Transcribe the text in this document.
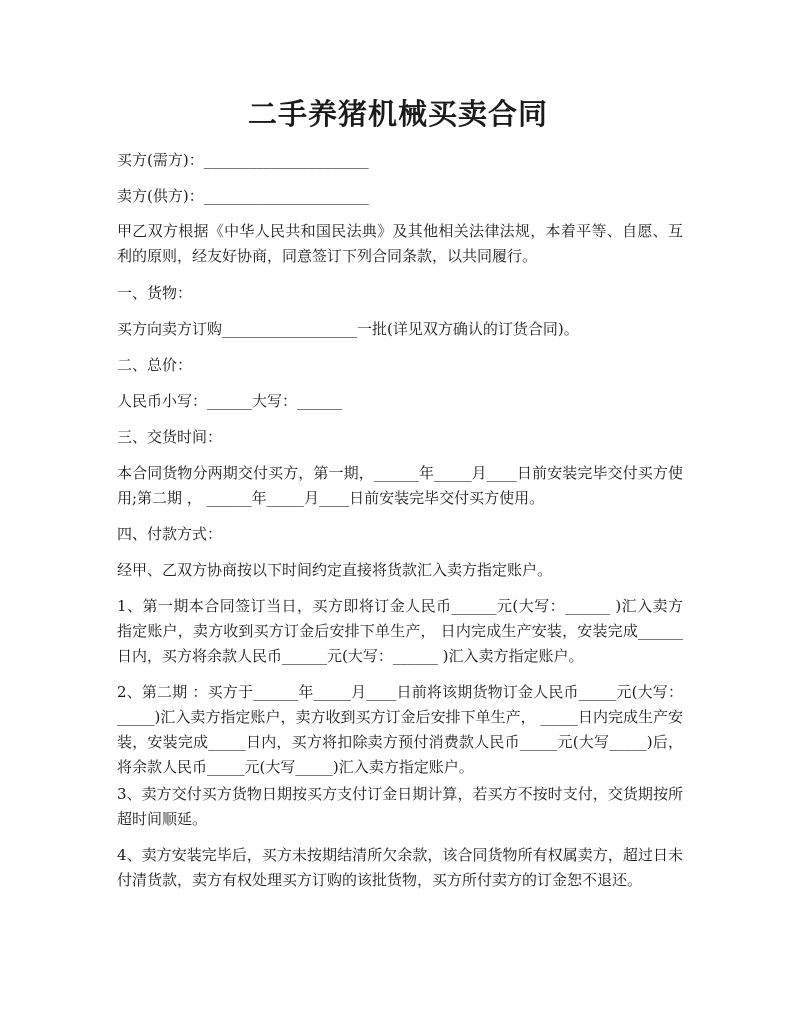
二手养猪机械买卖合同

买方(需方)：______________________

卖方(供方)：______________________

甲乙双方根据《中华人民共和国民法典》及其他相关法律法规，本着平等、自愿、互利的原则，经友好协商，同意签订下列合同条款，以共同履行。

一、货物：

买方向卖方订购__________________一批(详见双方确认的订货合同)。

二、总价：

人民币小写：______大写：______

三、交货时间：

本合同货物分两期交付买方，第一期，______年_____月____日前安装完毕交付买方使用;第二期 ， ______年_____月____日前安装完毕交付买方使用。

四、付款方式：

经甲、乙双方协商按以下时间约定直接将货款汇入卖方指定账户。

1、第一期本合同签订当日，买方即将订金人民币______元(大写：______ )汇入卖方指定账户，卖方收到买方订金后安排下单生产， 日内完成生产安装，安装完成______日内，买方将余款人民币______元(大写：______ )汇入卖方指定账户。

2、第二期 ：买方于______年_____月____日前将该期货物订金人民币_____元(大写：_____)汇入卖方指定账户，卖方收到买方订金后安排下单生产， _____日内完成生产安装，安装完成_____日内，买方将扣除卖方预付消费款人民币_____元(大写_____)后，将余款人民币_____元(大写_____)汇入卖方指定账户。

3、卖方交付买方货物日期按买方支付订金日期计算，若买方不按时支付，交货期按所超时间顺延。

4、卖方安装完毕后，买方未按期结清所欠余款，该合同货物所有权属卖方，超过日未付清货款，卖方有权处理买方订购的该批货物，买方所付卖方的订金恕不退还。
